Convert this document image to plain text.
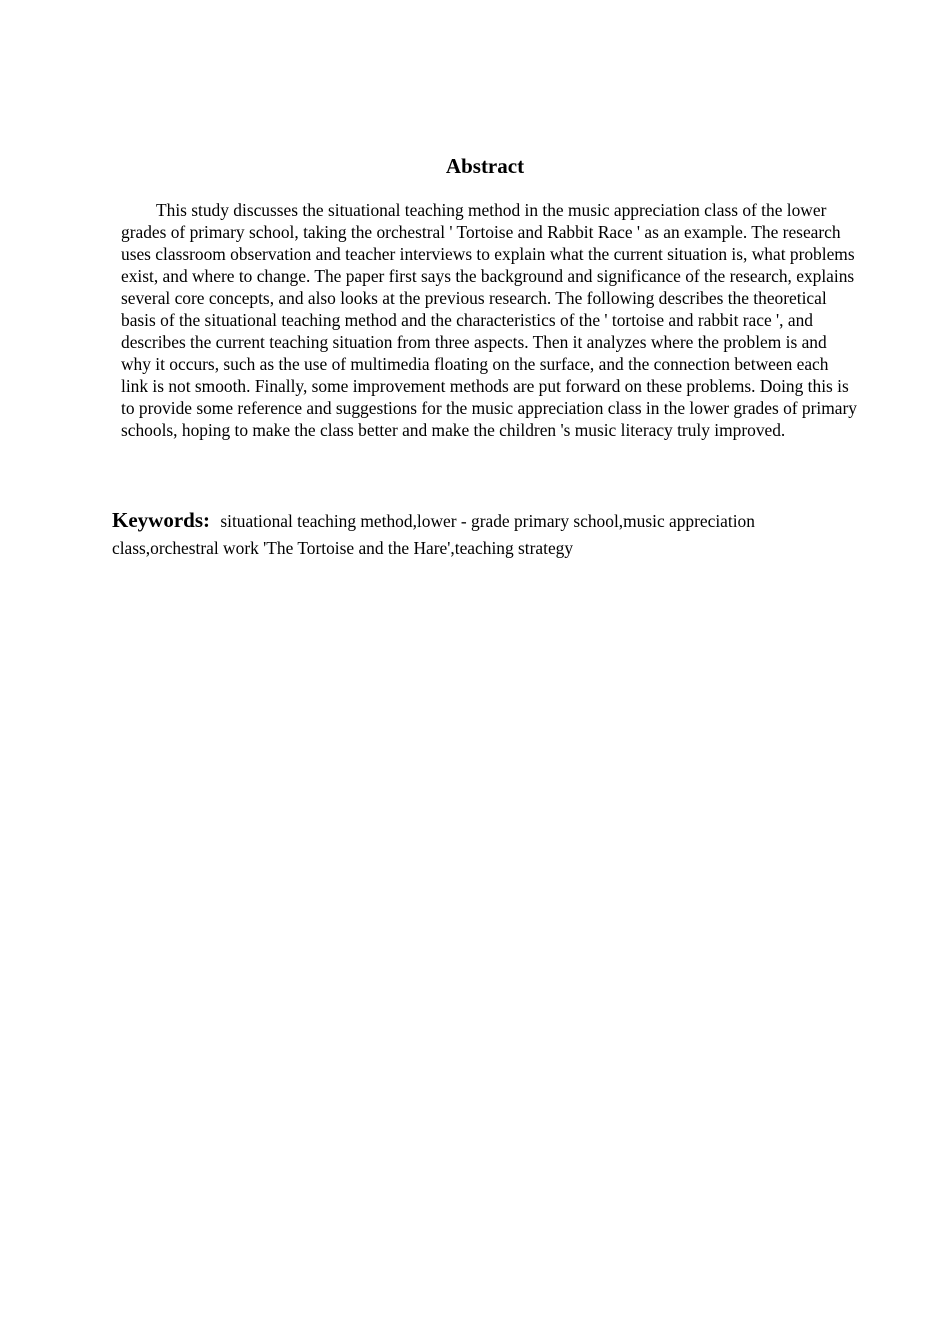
Abstract

This study discusses the situational teaching method in the music appreciation class of the lower grades of primary school, taking the orchestral ' Tortoise and Rabbit Race ' as an example. The research uses classroom observation and teacher interviews to explain what the current situation is, what problems exist, and where to change. The paper first says the background and significance of the research, explains several core concepts, and also looks at the previous research. The following describes the theoretical basis of the situational teaching method and the characteristics of the ' tortoise and rabbit race ', and describes the current teaching situation from three aspects. Then it analyzes where the problem is and why it occurs, such as the use of multimedia floating on the surface, and the connection between each link is not smooth. Finally, some improvement methods are put forward on these problems. Doing this is to provide some reference and suggestions for the music appreciation class in the lower grades of primary schools, hoping to make the class better and make the children 's music literacy truly improved.

Keywords: situational teaching method,lower - grade primary school,music appreciation class,orchestral work 'The Tortoise and the Hare',teaching strategy
